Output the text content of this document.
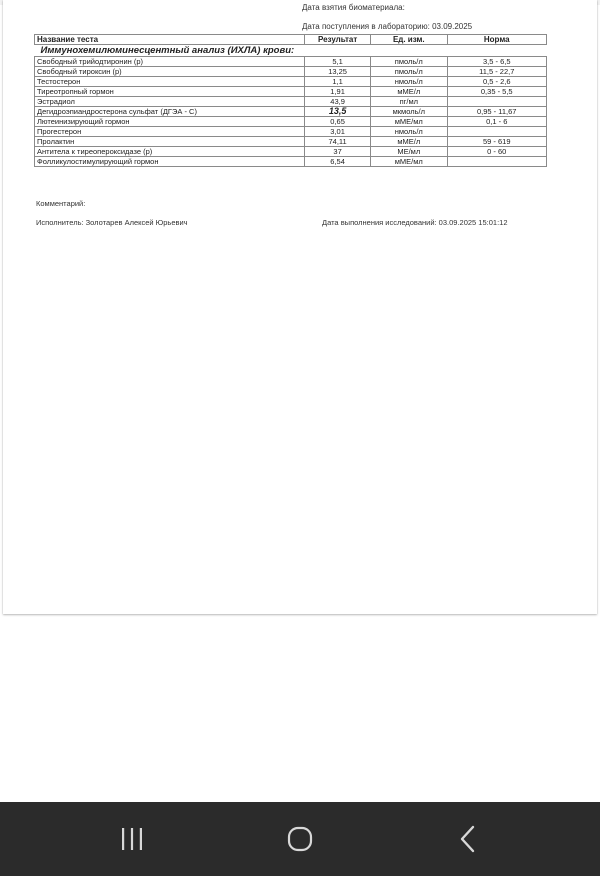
Дата взятия биоматериала:
Дата поступления в лабораторию: 03.09.2025
Название теста	Результат	Ед. изм.	Норма
Иммунохемилюминесцентный анализ (ИХЛА) крови:			
Свободный трийодтиронин (р)	5,1	пмоль/л	3,5 - 6,5
Свободный тироксин (р)	13,25	пмоль/л	11,5 - 22,7
Тестостерон	1,1	нмоль/л	0,5 - 2,6
Тиреотропный гормон	1,91	мМЕ/л	0,35 - 5,5
Эстрадиол	43,9	пг/мл	
Дегидроэпиандростерона сульфат (ДГЭА - С)	13,5	мкмоль/л	0,95 - 11,67
Лютеинизирующий гормон	0,65	мМЕ/мл	0,1 - 6
Прогестерон	3,01	нмоль/л	
Пролактин	74,11	мМЕ/л	59 - 619
Антитела к тиреопероксидазе (р)	37	МЕ/мл	0 - 60
Фолликулостимулирующий гормон	6,54	мМЕ/мл	
Комментарий:
Исполнитель: Золотарев Алексей Юрьевич	Дата выполнения исследований: 03.09.2025 15:01:12
